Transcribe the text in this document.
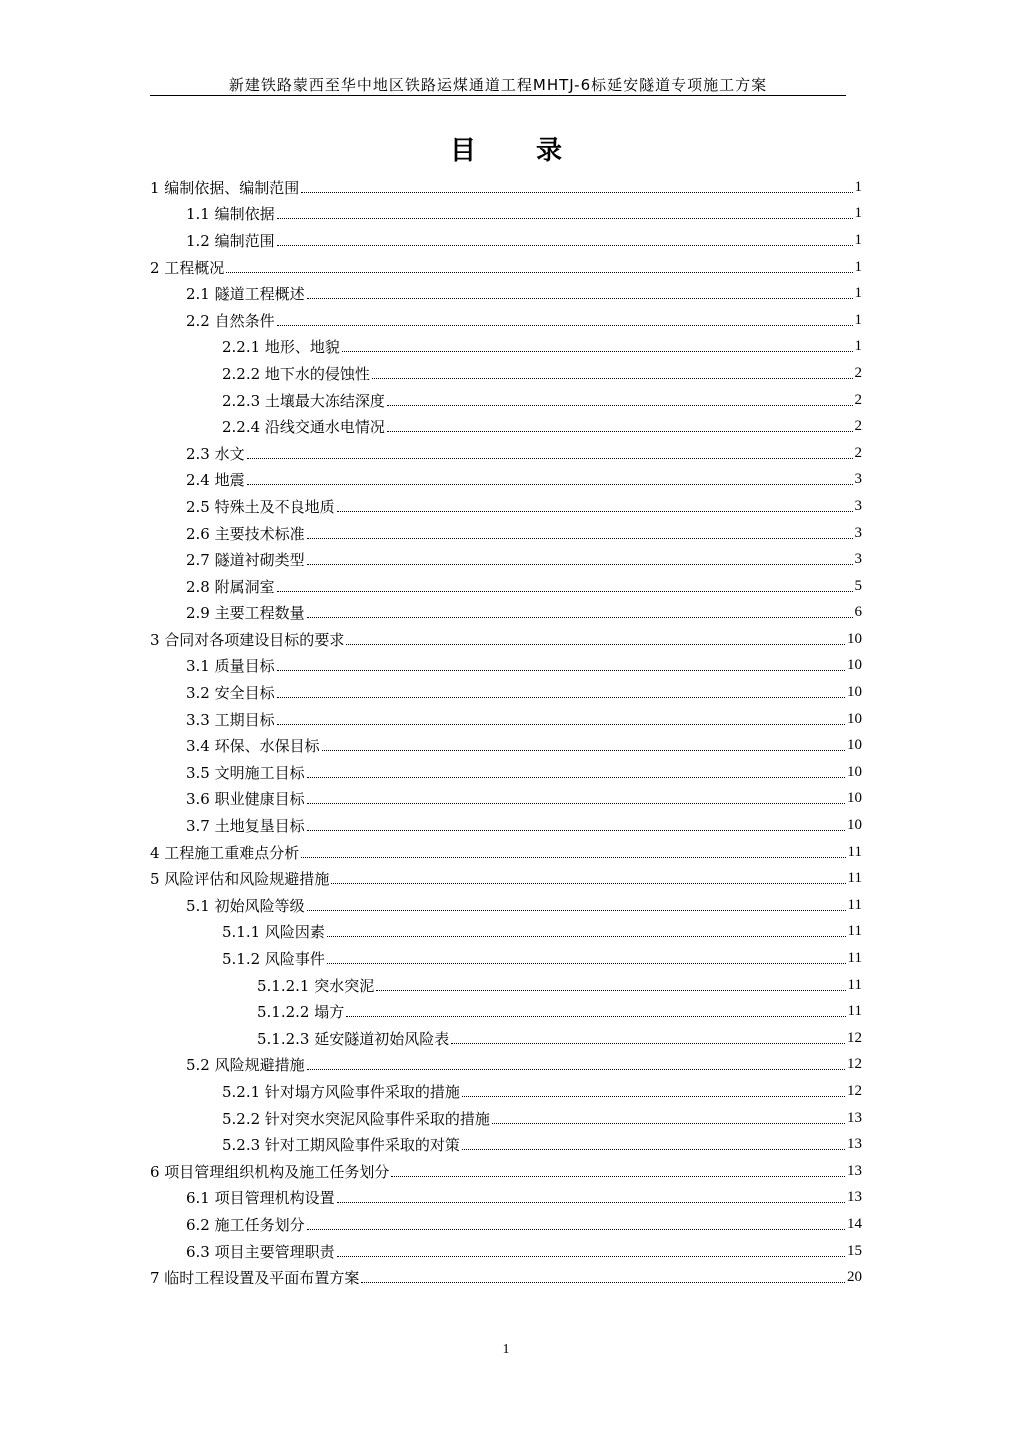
新建铁路蒙西至华中地区铁路运煤通道工程MHTJ-6标延安隧道专项施工方案
目 录
1 编制依据、编制范围	1
1.1 编制依据	1
1.2 编制范围	1
2 工程概况	1
2.1 隧道工程概述	1
2.2 自然条件	1
2.2.1 地形、地貌	1
2.2.2 地下水的侵蚀性	2
2.2.3 土壤最大冻结深度	2
2.2.4 沿线交通水电情况	2
2.3 水文	2
2.4 地震	3
2.5 特殊土及不良地质	3
2.6 主要技术标准	3
2.7 隧道衬砌类型	3
2.8 附属洞室	5
2.9 主要工程数量	6
3 合同对各项建设目标的要求	10
3.1 质量目标	10
3.2 安全目标	10
3.3 工期目标	10
3.4 环保、水保目标	10
3.5 文明施工目标	10
3.6 职业健康目标	10
3.7 土地复垦目标	10
4 工程施工重难点分析	11
5 风险评估和风险规避措施	11
5.1 初始风险等级	11
5.1.1 风险因素	11
5.1.2 风险事件	11
5.1.2.1 突水突泥	11
5.1.2.2 塌方	11
5.1.2.3 延安隧道初始风险表	12
5.2 风险规避措施	12
5.2.1 针对塌方风险事件采取的措施	12
5.2.2 针对突水突泥风险事件采取的措施	13
5.2.3 针对工期风险事件采取的对策	13
6 项目管理组织机构及施工任务划分	13
6.1 项目管理机构设置	13
6.2 施工任务划分	14
6.3 项目主要管理职责	15
7 临时工程设置及平面布置方案	20
1
